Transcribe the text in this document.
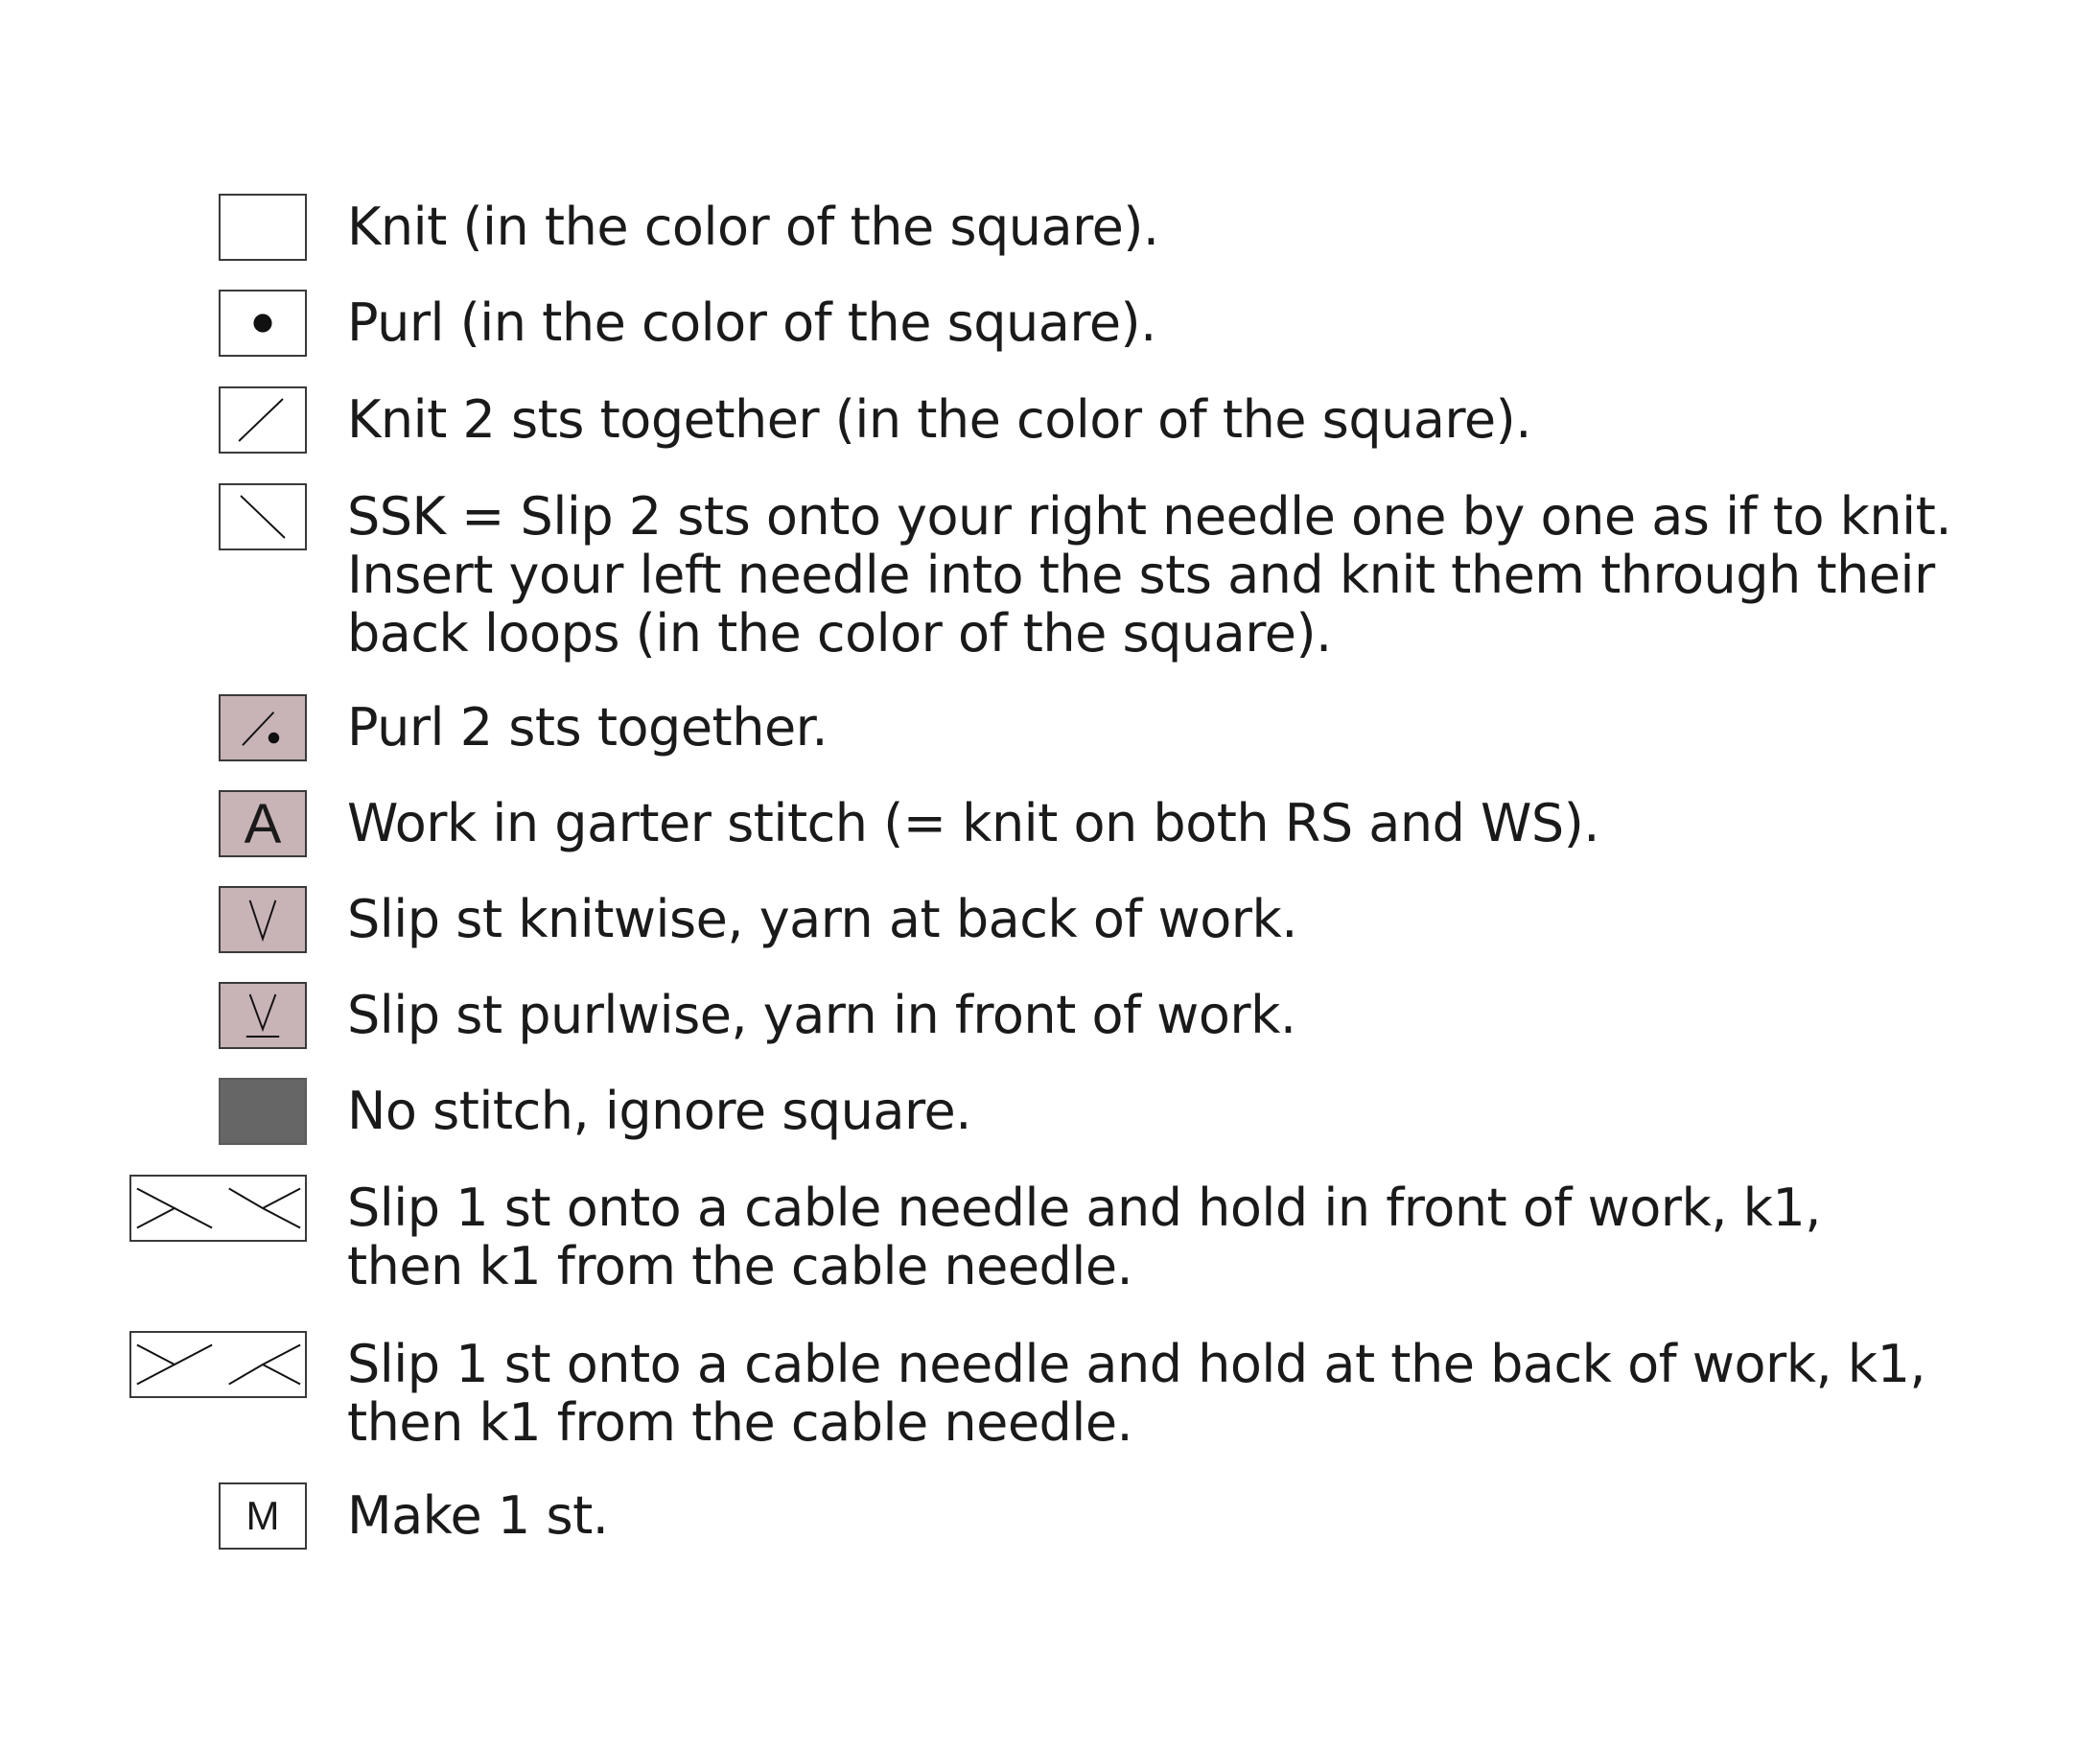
Knit (in the color of the square).
Purl (in the color of the square).
Knit 2 sts together (in the color of the square).
SSK = Slip 2 sts onto your right needle one by one as if to knit.
Insert your left needle into the sts and knit them through their
back loops (in the color of the square).
Purl 2 sts together.
A Work in garter stitch (= knit on both RS and WS).
Slip st knitwise, yarn at back of work.
Slip st purlwise, yarn in front of work.
No stitch, ignore square.
Slip 1 st onto a cable needle and hold in front of work, k1,
then k1 from the cable needle.
Slip 1 st onto a cable needle and hold at the back of work, k1,
then k1 from the cable needle.
M Make 1 st.
